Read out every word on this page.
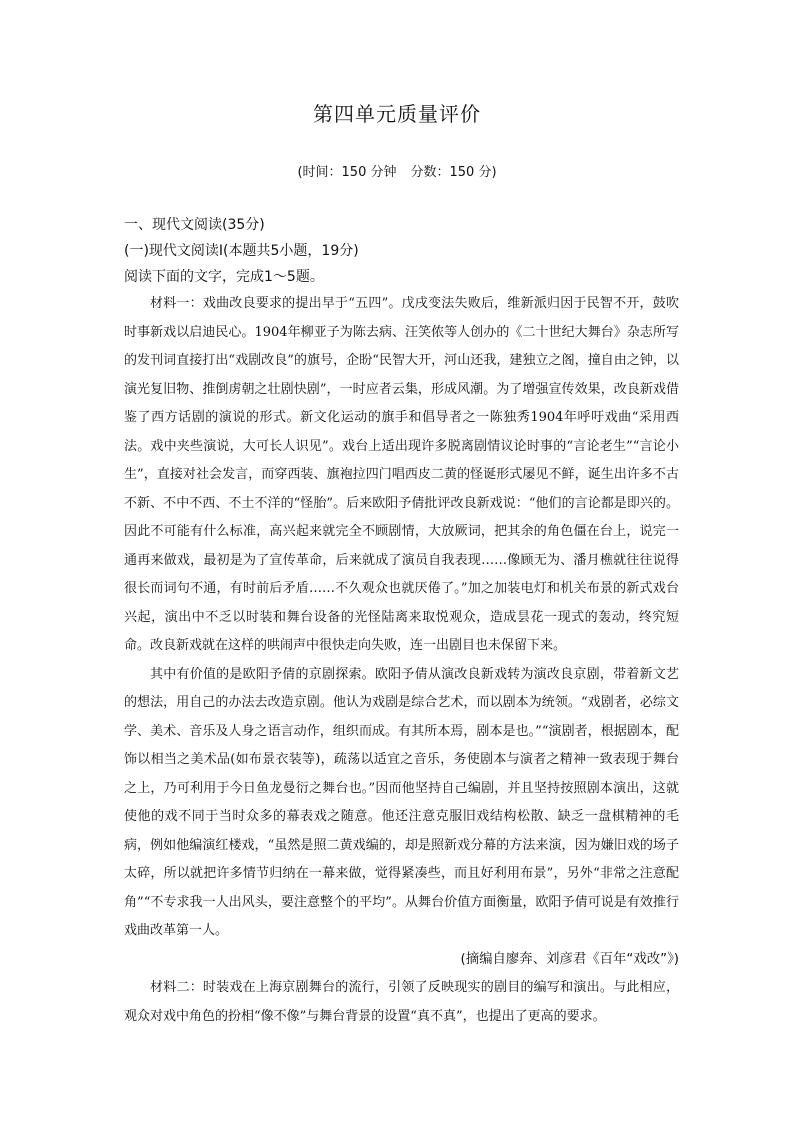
第四单元质量评价
(时间：150 分钟 分数：150 分)
一、现代文阅读(35分)
(一)现代文阅读Ⅰ(本题共5小题，19分)
阅读下面的文字，完成1～5题。

材料一：戏曲改良要求的提出早于“五四”。戊戌变法失败后，维新派归因于民智不开，鼓吹时事新戏以启迪民心。1904年柳亚子为陈去病、汪笑侬等人创办的《二十世纪大舞台》杂志所写的发刊词直接打出“戏剧改良”的旗号，企盼“民智大开，河山还我，建独立之阁，撞自由之钟，以演光复旧物、推倒虏朝之壮剧快剧”，一时应者云集，形成风潮。为了增强宣传效果，改良新戏借鉴了西方话剧的演说的形式。新文化运动的旗手和倡导者之一陈独秀1904年呼吁戏曲“采用西法。戏中夹些演说，大可长人识见”。戏台上适出现许多脱离剧情议论时事的“言论老生”“言论小生”，直接对社会发言，而穿西装、旗袍拉四门唱西皮二黄的怪诞形式屡见不鲜，诞生出许多不古不新、不中不西、不土不洋的“怪胎”。后来欧阳予倩批评改良新戏说：“他们的言论都是即兴的。因此不可能有什么标准，高兴起来就完全不顾剧情，大放厥词，把其余的角色僵在台上，说完一通再来做戏，最初是为了宣传革命，后来就成了演员自我表现……像顾无为、潘月樵就往往说得很长而词句不通，有时前后矛盾……不久观众也就厌倦了。”加之加装电灯和机关布景的新式戏台兴起，演出中不乏以时装和舞台设备的光怪陆离来取悦观众，造成昙花一现式的轰动，终究短命。改良新戏就在这样的哄闹声中很快走向失败，连一出剧目也未保留下来。

其中有价值的是欧阳予倩的京剧探索。欧阳予倩从演改良新戏转为演改良京剧，带着新文艺的想法，用自己的办法去改造京剧。他认为戏剧是综合艺术，而以剧本为统领。“戏剧者，必综文学、美术、音乐及人身之语言动作，组织而成。有其所本焉，剧本是也。”“演剧者，根据剧本，配饰以相当之美术品(如布景衣装等)，疏荡以适宜之音乐，务使剧本与演者之精神一致表现于舞台之上，乃可利用于今日鱼龙曼衍之舞台也。”因而他坚持自己编剧，并且坚持按照剧本演出，这就使他的戏不同于当时众多的幕表戏之随意。他还注意克服旧戏结构松散、缺乏一盘棋精神的毛病，例如他编演红楼戏，“虽然是照二黄戏编的，却是照新戏分幕的方法来演，因为嫌旧戏的场子太碎，所以就把许多情节归纳在一幕来做，觉得紧凑些，而且好利用布景”，另外“非常之注意配角”“不专求我一人出风头，要注意整个的平均”。从舞台价值方面衡量，欧阳予倩可说是有效推行戏曲改革第一人。

(摘编自廖奔、刘彦君《百年“戏改”》)

材料二：时装戏在上海京剧舞台的流行，引领了反映现实的剧目的编写和演出。与此相应，观众对戏中角色的扮相“像不像”与舞台背景的设置“真不真”，也提出了更高的要求。
